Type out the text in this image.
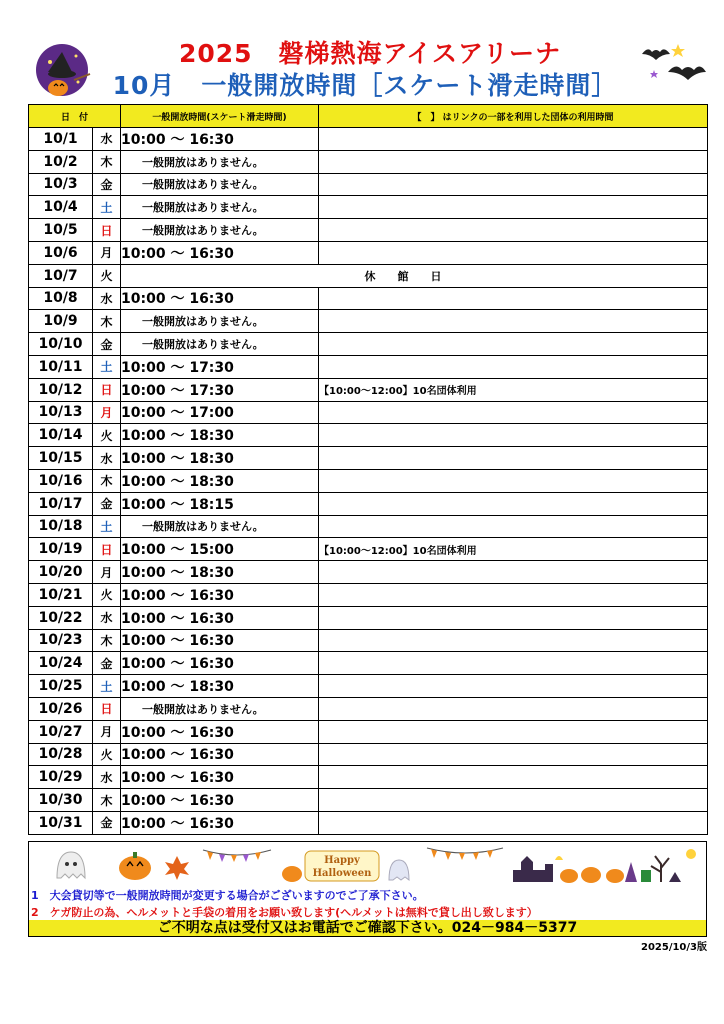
2025　磐梯熱海アイスアリーナ
10月　一般開放時間［スケート滑走時間］
日　付		一般開放時間(スケート滑走時間)	【　】 はリンクの一部を利用した団体の利用時間
10/1	水	10:00 ～ 16:30	
10/2	木	一般開放はありません。	
10/3	金	一般開放はありません。	
10/4	土	一般開放はありません。	
10/5	日	一般開放はありません。	
10/6	月	10:00 ～ 16:30	
10/7	火	休館日	
10/8	水	10:00 ～ 16:30	
10/9	木	一般開放はありません。	
10/10	金	一般開放はありません。	
10/11	土	10:00 ～ 17:30	
10/12	日	10:00 ～ 17:30	【10:00～12:00】10名団体利用
10/13	月	10:00 ～ 17:00	
10/14	火	10:00 ～ 18:30	
10/15	水	10:00 ～ 18:30	
10/16	木	10:00 ～ 18:30	
10/17	金	10:00 ～ 18:15	
10/18	土	一般開放はありません。	
10/19	日	10:00 ～ 15:00	【10:00～12:00】10名団体利用
10/20	月	10:00 ～ 18:30	
10/21	火	10:00 ～ 16:30	
10/22	水	10:00 ～ 16:30	
10/23	木	10:00 ～ 16:30	
10/24	金	10:00 ～ 16:30	
10/25	土	10:00 ～ 18:30	
10/26	日	一般開放はありません。	
10/27	月	10:00 ～ 16:30	
10/28	火	10:00 ～ 16:30	
10/29	水	10:00 ～ 16:30	
10/30	木	10:00 ～ 16:30	
10/31	金	10:00 ～ 16:30	
Happy
Halloween
1　大会貸切等で一般開放時間が変更する場合がございますのでご了承下さい。
2　ケガ防止の為、ヘルメットと手袋の着用をお願い致します(ヘルメットは無料で貸し出し致します）
ご不明な点は受付又はお電話でご確認下さい。024－984－5377
2025/10/3版
